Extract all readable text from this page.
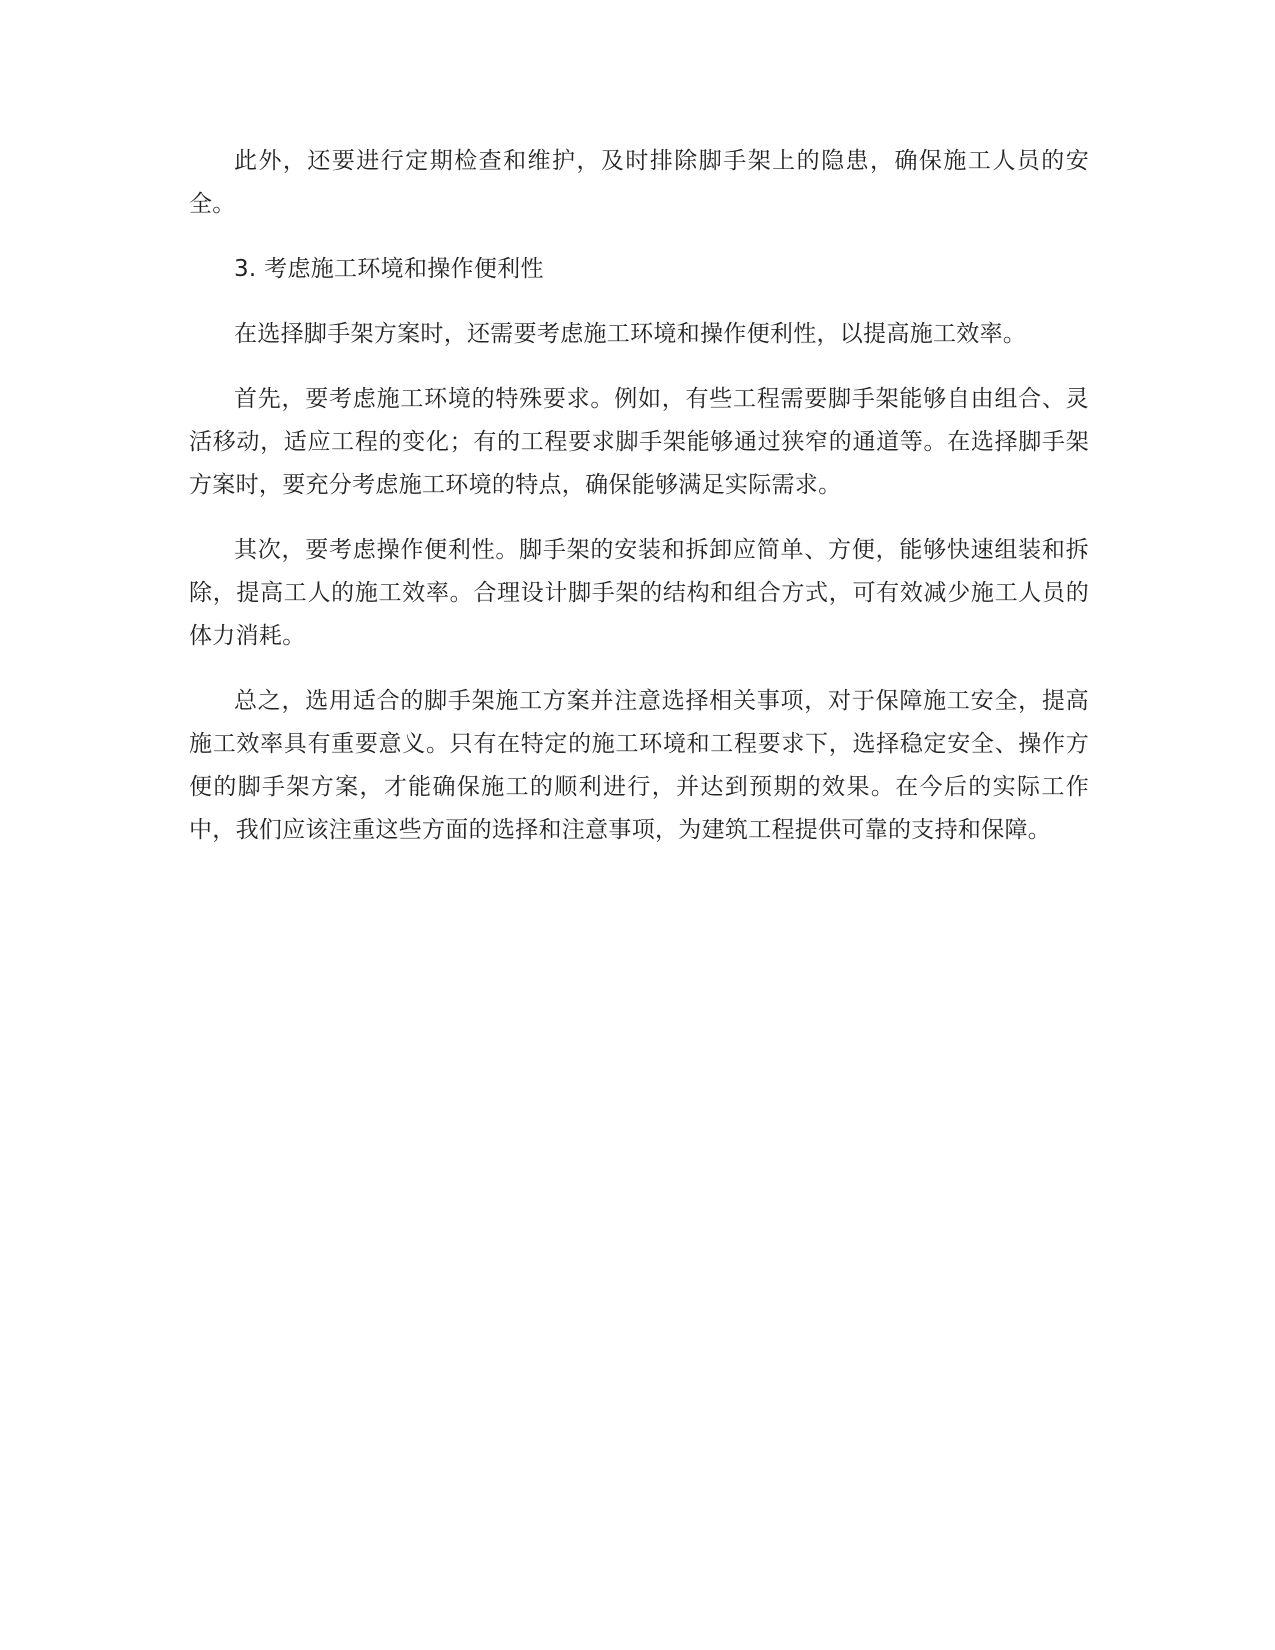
此外，还要进行定期检查和维护，及时排除脚手架上的隐患，确保施工人员的安全。

3. 考虑施工环境和操作便利性

在选择脚手架方案时，还需要考虑施工环境和操作便利性，以提高施工效率。

首先，要考虑施工环境的特殊要求。例如，有些工程需要脚手架能够自由组合、灵活移动，适应工程的变化；有的工程要求脚手架能够通过狭窄的通道等。在选择脚手架方案时，要充分考虑施工环境的特点，确保能够满足实际需求。

其次，要考虑操作便利性。脚手架的安装和拆卸应简单、方便，能够快速组装和拆除，提高工人的施工效率。合理设计脚手架的结构和组合方式，可有效减少施工人员的体力消耗。

总之，选用适合的脚手架施工方案并注意选择相关事项，对于保障施工安全，提高施工效率具有重要意义。只有在特定的施工环境和工程要求下，选择稳定安全、操作方便的脚手架方案，才能确保施工的顺利进行，并达到预期的效果。在今后的实际工作中，我们应该注重这些方面的选择和注意事项，为建筑工程提供可靠的支持和保障。
